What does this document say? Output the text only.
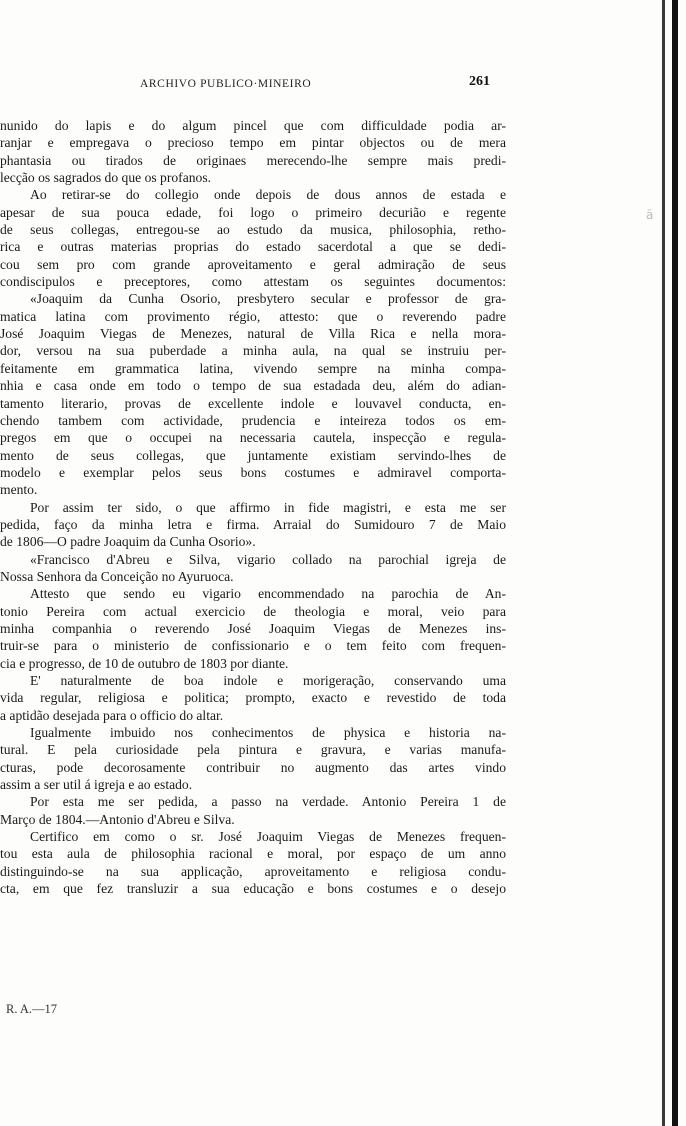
ARCHIVO PUBLICO·MINEIRO	261
nunido do lapis e do algum pincel que com difficuldade podia ar-
ranjar e empregava o precioso tempo em pintar objectos ou de mera
phantasia ou tirados de originaes merecendo-lhe sempre mais predi-
lecção os sagrados do que os profanos.
Ao retirar-se do collegio onde depois de dous annos de estada e
apesar de sua pouca edade, foi logo o primeiro decurião e regente
de seus collegas, entregou-se ao estudo da musica, philosophia, retho-
rica e outras materias proprias do estado sacerdotal a que se dedi-
cou sem pro com grande aproveitamento e geral admiração de seus
condiscipulos e preceptores, como attestam os seguintes documentos:
«Joaquim da Cunha Osorio, presbytero secular e professor de gra-
matica latina com provimento régio, attesto: que o reverendo padre
José Joaquim Viegas de Menezes, natural de Villa Rica e nella mora-
dor, versou na sua puberdade a minha aula, na qual se instruiu per-
feitamente em grammatica latina, vivendo sempre na minha compa-
nhia e casa onde em todo o tempo de sua estadada deu, além do adian-
tamento literario, provas de excellente indole e louvavel conducta, en-
chendo tambem com actividade, prudencia e inteireza todos os em-
pregos em que o occupei na necessaria cautela, inspecção e regula-
mento de seus collegas, que juntamente existiam servindo-lhes de
modelo e exemplar pelos seus bons costumes e admiravel comporta-
mento.
Por assim ter sido, o que affirmo in fide magistri, e esta me ser
pedida, faço da minha letra e firma. Arraial do Sumidouro 7 de Maio
de 1806—O padre Joaquim da Cunha Osorio».
«Francisco d'Abreu e Silva, vigario collado na parochial igreja de
Nossa Senhora da Conceição no Ayuruoca.
Attesto que sendo eu vigario encommendado na parochia de An-
tonio Pereira com actual exercicio de theologia e moral, veio para
minha companhia o reverendo José Joaquim Viegas de Menezes ins-
truir-se para o ministerio de confissionario e o tem feito com frequen-
cia e progresso, de 10 de outubro de 1803 por diante.
E' naturalmente de boa indole e morigeração, conservando uma
vida regular, religiosa e politica; prompto, exacto e revestido de toda
a aptidão desejada para o officio do altar.
Igualmente imbuido nos conhecimentos de physica e historia na-
tural. E pela curiosidade pela pintura e gravura, e varias manufa-
cturas, pode decorosamente contribuir no augmento das artes vindo
assim a ser util á igreja e ao estado.
Por esta me ser pedida, a passo na verdade. Antonio Pereira 1 de
Março de 1804.—Antonio d'Abreu e Silva.
Certifico em como o sr. José Joaquim Viegas de Menezes frequen-
tou esta aula de philosophia racional e moral, por espaço de um anno
distinguindo-se na sua applicação, aproveitamento e religiosa condu-
cta, em que fez transluzir a sua educação e bons costumes e o desejo
R. A.—17
ā
